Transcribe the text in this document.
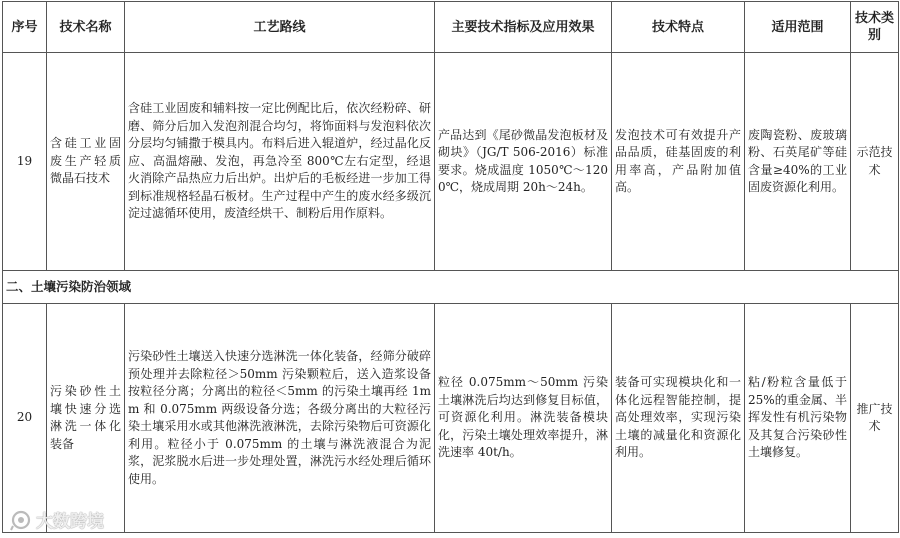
序号	技术名称	工艺路线	主要技术指标及应用效果	技术特点	适用范围	技术类别
19	含硅工业固废生产轻质微晶石技术	含硅工业固废和辅料按一定比例配比后，依次经粉碎、研磨、筛分后加入发泡剂混合均匀，将饰面料与发泡料依次分层均匀铺撒于模具内。布料后进入辊道炉，经过晶化反应、高温熔融、发泡，再急冷至 800℃左右定型，经退火消除产品热应力后出炉。出炉后的毛板经进一步加工得到标准规格轻晶石板材。生产过程中产生的废水经多级沉淀过滤循环使用，废渣经烘干、制粉后用作原料。	产品达到《尾砂微晶发泡板材及砌块》（JG/T 506-2016）标准要求。烧成温度 1050℃～1200℃，烧成周期 20h～24h。	发泡技术可有效提升产品品质，硅基固废的利用率高，产品附加值高。	废陶瓷粉、废玻璃粉、石英尾矿等硅含量≥40%的工业固废资源化利用。	示范技术
二、土壤污染防治领域						
20	污染砂性土壤快速分选淋洗一体化装备	污染砂性土壤送入快速分选淋洗一体化装备，经筛分破碎预处理并去除粒径＞50mm 污染颗粒后，送入造浆设备按粒径分离；分离出的粒径＜5mm 的污染土壤再经 1mm 和 0.075mm 两级设备分选；各级分离出的大粒径污染土壤采用水或其他淋洗液淋洗，去除污染物后可资源化利用。粒径小于 0.075mm 的土壤与淋洗液混合为泥浆，泥浆脱水后进一步处理处置，淋洗污水经处理后循环使用。	粒径 0.075mm～50mm 污染土壤淋洗后均达到修复目标值，可资源化利用。淋洗装备模块化，污染土壤处理效率提升，淋洗速率 40t/h。	装备可实现模块化和一体化远程智能控制，提高处理效率，实现污染土壤的减量化和资源化利用。	粘/粉粒含量低于 25%的重金属、半挥发性有机污染物及其复合污染砂性土壤修复。	推广技术
大数跨境
